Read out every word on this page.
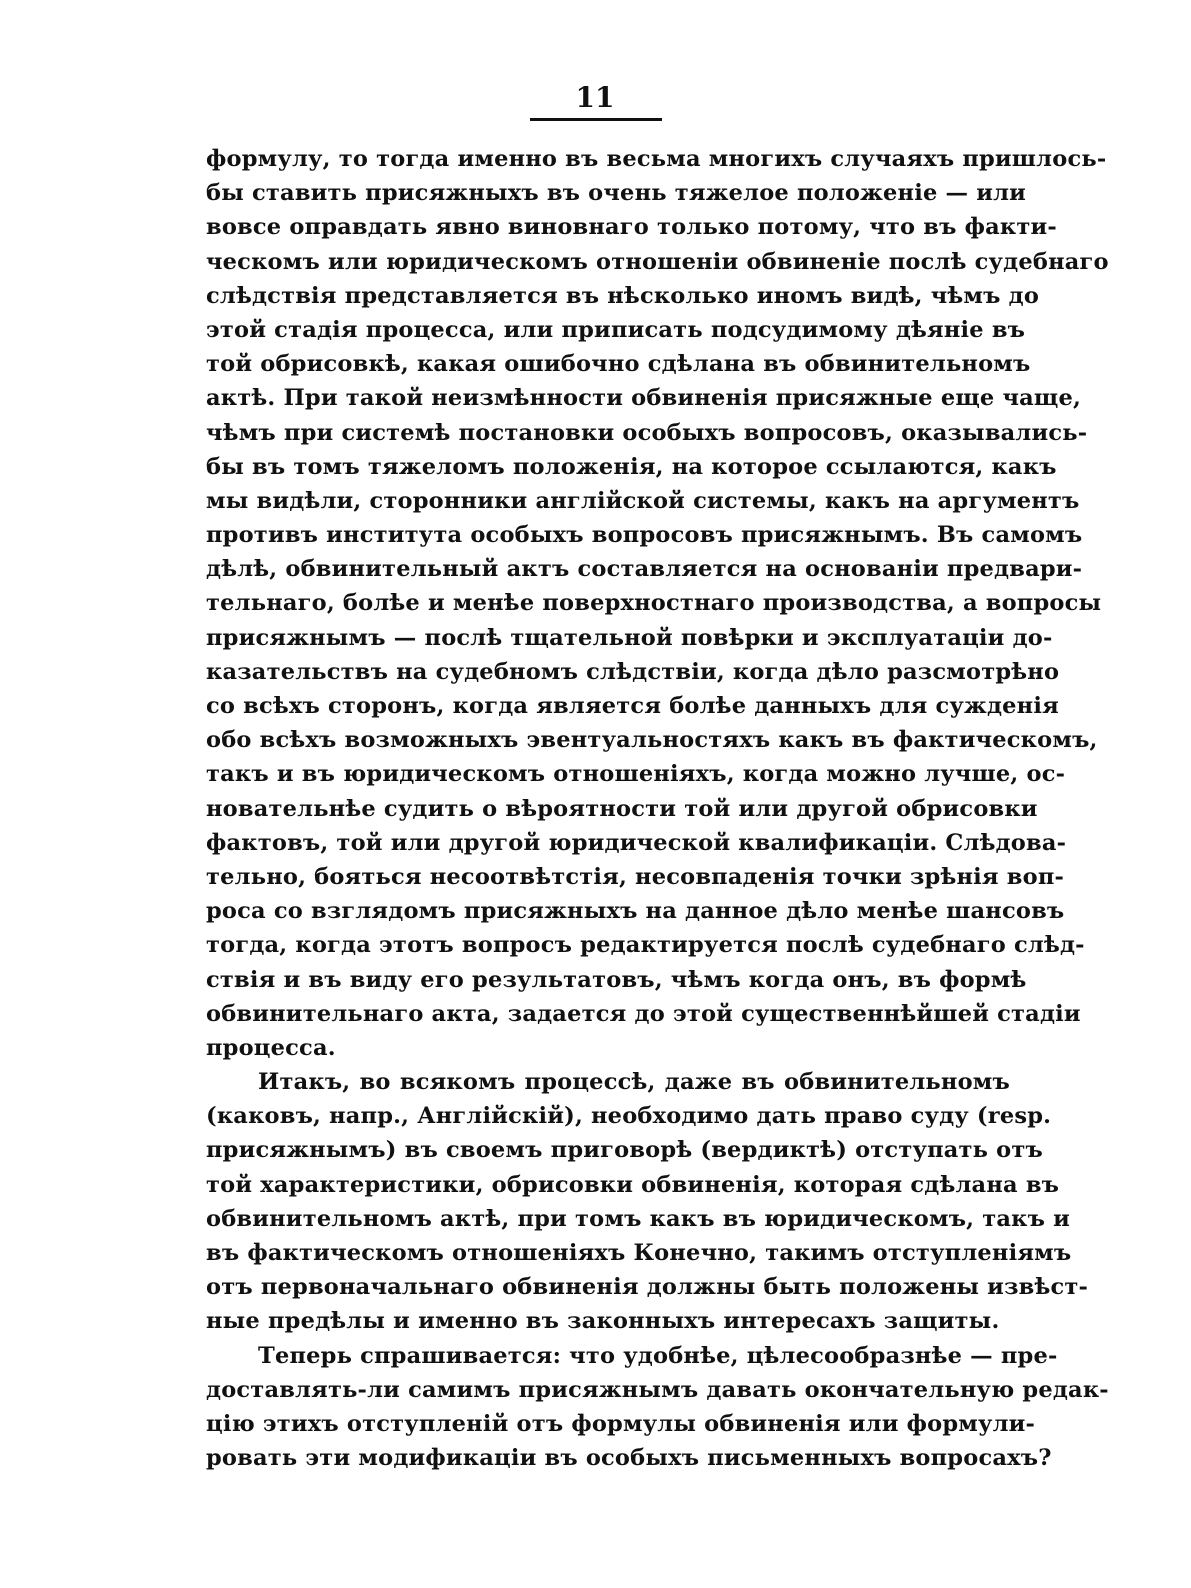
11
формулу, то тогда именно въ весьма многихъ случаяхъ пришлось-
бы ставить присяжныхъ въ очень тяжелое положеніе — или
вовсе оправдать явно виновнаго только потому, что въ факти-
ческомъ или юридическомъ отношеніи обвиненіе послѣ судебнаго
слѣдствія представляется въ нѣсколько иномъ видѣ, чѣмъ до
этой стадія процесса, или приписать подсудимому дѣяніе въ
той обрисовкѣ, какая ошибочно сдѣлана въ обвинительномъ
актѣ. При такой неизмѣнности обвиненія присяжные еще чаще,
чѣмъ при системѣ постановки особыхъ вопросовъ, оказывались-
бы въ томъ тяжеломъ положенія, на которое ссылаются, какъ
мы видѣли, сторонники англійской системы, какъ на аргументъ
противъ института особыхъ вопросовъ присяжнымъ. Въ самомъ
дѣлѣ, обвинительный актъ составляется на основаніи предвари-
тельнаго, болѣе и менѣе поверхностнаго производства, а вопросы
присяжнымъ — послѣ тщательной повѣрки и эксплуатаціи до-
казательствъ на судебномъ слѣдствіи, когда дѣло разсмотрѣно
со всѣхъ сторонъ, когда является болѣе данныхъ для сужденія
обо всѣхъ возможныхъ эвентуальностяхъ какъ въ фактическомъ,
такъ и въ юридическомъ отношеніяхъ, когда можно лучше, ос-
новательнѣе судить о вѣроятности той или другой обрисовки
фактовъ, той или другой юридической квалификаціи. Слѣдова-
тельно, бояться несоотвѣтстія, несовпаденія точки зрѣнія воп-
роса со взглядомъ присяжныхъ на данное дѣло менѣе шансовъ
тогда, когда этотъ вопросъ редактируется послѣ судебнаго слѣд-
ствія и въ виду его результатовъ, чѣмъ когда онъ, въ формѣ
обвинительнаго акта, задается до этой существеннѣйшей стадіи
процесса.
Итакъ, во всякомъ процессѣ, даже въ обвинительномъ
(каковъ, напр., Англійскій), необходимо дать право суду (resp.
присяжнымъ) въ своемъ приговорѣ (вердиктѣ) отступать отъ
той характеристики, обрисовки обвиненія, которая сдѣлана въ
обвинительномъ актѣ, при томъ какъ въ юридическомъ, такъ и
въ фактическомъ отношеніяхъ Конечно, такимъ отступленіямъ
отъ первоначальнаго обвиненія должны быть положены извѣст-
ные предѣлы и именно въ законныхъ интересахъ защиты.
Теперь спрашивается: что удобнѣе, цѣлесообразнѣе — пре-
доставлять-ли самимъ присяжнымъ давать окончательную редак-
цію этихъ отступленій отъ формулы обвиненія или формули-
ровать эти модификаціи въ особыхъ письменныхъ вопросахъ?
